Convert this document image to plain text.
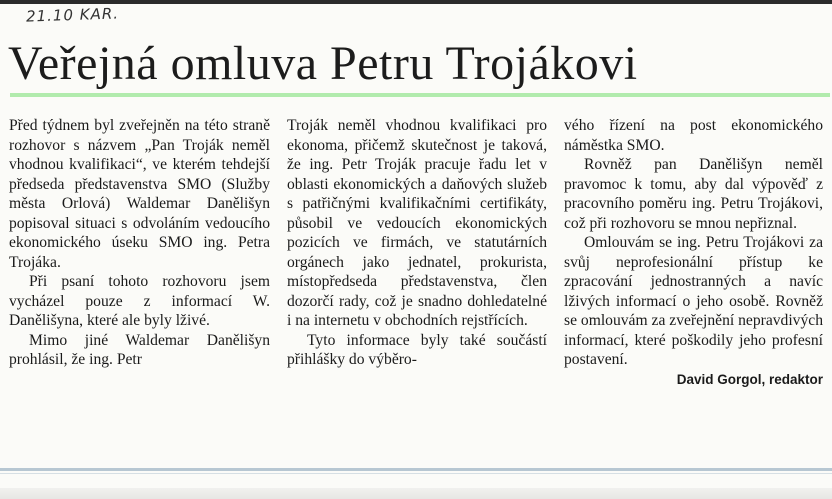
21.10 KAR.
Veřejná omluva Petru Trojákovi

Před týdnem byl zveřejněn na této straně rozhovor s názvem „Pan Troják neměl vhodnou kvalifikaci“, ve kterém tehdejší předseda představenstva SMO (Služby města Orlová) Waldemar Danělišyn popisoval situaci s odvoláním vedoucího ekonomického úseku SMO ing. Petra Trojáka.

Při psaní tohoto rozhovoru jsem vycházel pouze z informací W. Danělišyna, které ale byly lživé.

Mimo jiné Waldemar Danělišyn prohlásil, že ing. Petr

Troják neměl vhodnou kvalifikaci pro ekonoma, přičemž skutečnost je taková, že ing. Petr Troják pracuje řadu let v oblasti ekonomických a daňových služeb s patřičnými kvalifikačními certifikáty, působil ve vedoucích ekonomických pozicích ve firmách, ve statutárních orgánech jako jednatel, prokurista, místopředseda představenstva, člen dozorčí rady, což je snadno dohledatelné i na internetu v obchodních rejstřících.

Tyto informace byly také součástí přihlášky do výběro-

vého řízení na post ekonomického náměstka SMO.

Rovněž pan Danělišyn neměl pravomoc k tomu, aby dal výpověď z pracovního poměru ing. Petru Trojákovi, což při rozhovoru se mnou nepřiznal.

Omlouvám se ing. Petru Trojákovi za svůj neprofesionální přístup ke zpracování jednostranných a navíc lživých informací o jeho osobě. Rovněž se omlouvám za zveřejnění nepravdivých informací, které poškodily jeho profesní postavení.

David Gorgol, redaktor
